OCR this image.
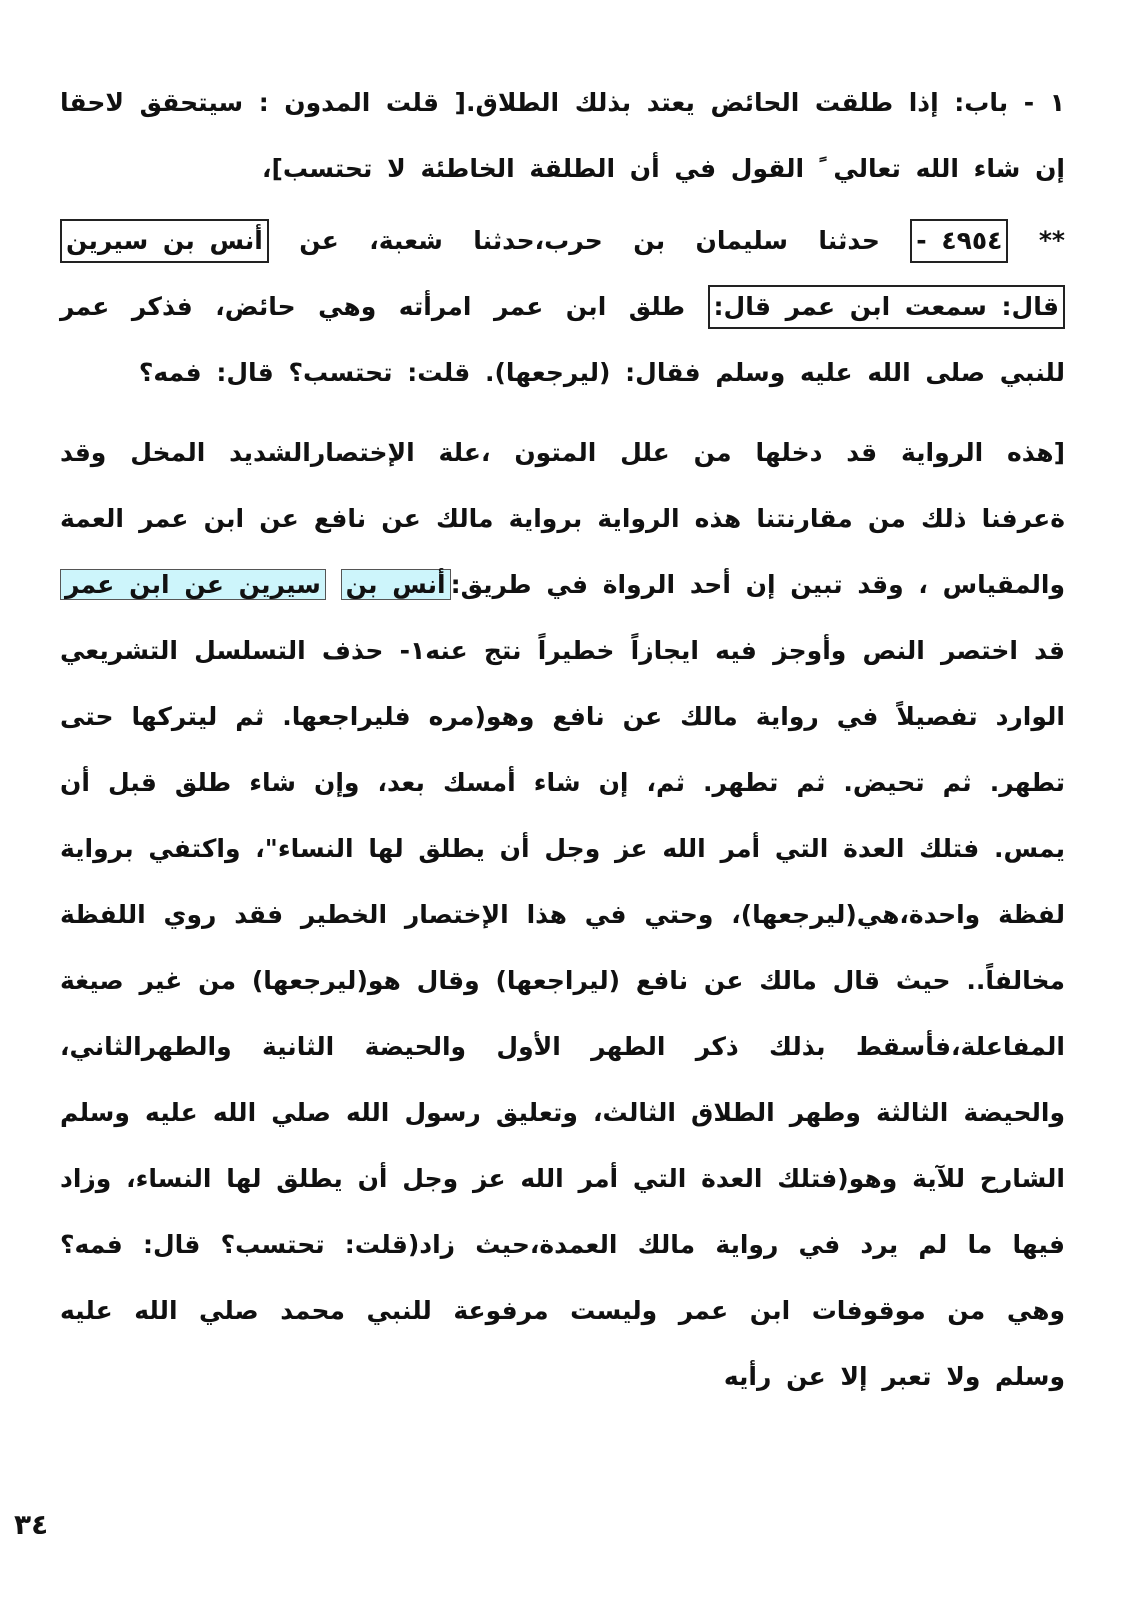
١ - باب: إذا طلقت الحائض يعتد بذلك الطلاق.[ قلت المدون : سيتحقق لاحقا إن شاء الله تعالي ً القول في أن الطلقة الخاطئة لا تحتسب]،

** ٤٩٥٤ - حدثنا سليمان بن حرب،حدثنا شعبة، عن أنس بن سيرين قال: سمعت ابن عمر قال: طلق ابن عمر امرأته وهي حائض، فذكر عمر للنبي صلى الله عليه وسلم فقال: (ليرجعها). قلت: تحتسب؟ قال: فمه؟

[هذه الرواية قد دخلها من علل المتون ،علة الإختصارالشديد المخل وقد ةعرفنا ذلك من مقارنتنا هذه الرواية برواية مالك عن نافع عن ابن عمر العمة والمقياس ، وقد تبين إن أحد الرواة في طريق:أنس بن سيرين عن ابن عمر قد اختصر النص وأوجز فيه ايجازاً خطيراً نتج عنه١- حذف التسلسل التشريعي الوارد تفصيلاً في رواية مالك عن نافع وهو(مره فليراجعها. ثم ليتركها حتى تطهر. ثم تحيض. ثم تطهر. ثم، إن شاء أمسك بعد، وإن شاء طلق قبل أن يمس. فتلك العدة التي أمر الله عز وجل أن يطلق لها النساء"، واكتفي برواية لفظة واحدة،هي(ليرجعها)، وحتي في هذا الإختصار الخطير فقد روي اللفظة مخالفاً.. حيث قال مالك عن نافع (ليراجعها) وقال هو(ليرجعها) من غير صيغة المفاعلة،فأسقط بذلك ذكر الطهر الأول والحيضة الثانية والطهرالثاني، والحيضة الثالثة وطهر الطلاق الثالث، وتعليق رسول الله صلي الله عليه وسلم الشارح للآية وهو(فتلك العدة التي أمر الله عز وجل أن يطلق لها النساء، وزاد فيها ما لم يرد في رواية مالك العمدة،حيث زاد(قلت: تحتسب؟ قال: فمه؟ وهي من موقوفات ابن عمر وليست مرفوعة للنبي محمد صلي الله عليه وسلم ولا تعبر إلا عن رأيه

٣٤
